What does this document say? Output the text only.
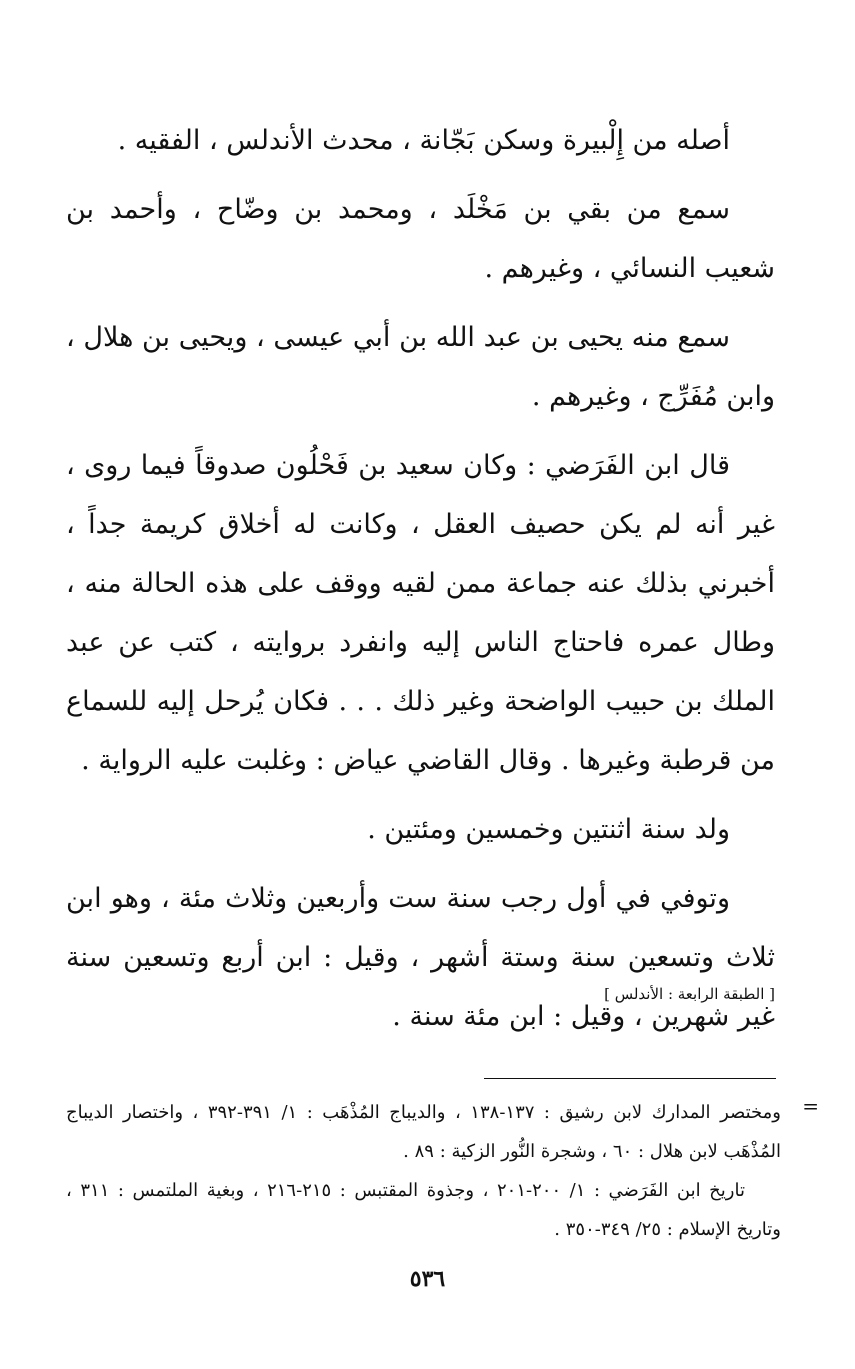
أصله من إِلْبيرة وسكن بَجّانة ، محدث الأندلس ، الفقيه .

سمع من بقي بن مَخْلَد ، ومحمد بن وضّاح ، وأحمد بن شعيب النسائي ، وغيرهم .

سمع منه يحيى بن عبد الله بن أبي عيسى ، ويحيى بن هلال ، وابن مُفَرِّج ، وغيرهم .

قال ابن الفَرَضي : وكان سعيد بن فَحْلُون صدوقاً فيما روى ، غير أنه لم يكن حصيف العقل ، وكانت له أخلاق كريمة جداً ، أخبرني بذلك عنه جماعة ممن لقيه ووقف على هذه الحالة منه ، وطال عمره فاحتاج الناس إليه وانفرد بروايته ، كتب عن عبد الملك بن حبيب الواضحة وغير ذلك . . . فكان يُرحل إليه للسماع من قرطبة وغيرها . وقال القاضي عياض : وغلبت عليه الرواية .

ولد سنة اثنتين وخمسين ومئتين .

وتوفي في أول رجب سنة ست وأربعين وثلاث مئة ، وهو ابن ثلاث وتسعين سنة وستة أشهر ، وقيل : ابن أربع وتسعين سنة غير شهرين ، وقيل : ابن مئة سنة .

[ الطبقة الرابعة : الأندلس ]
=

ومختصر المدارك لابن رشيق : ١٣٧-١٣٨ ، والديباج المُذْهَب : ١/ ٣٩١-٣٩٢ ، واختصار الديباج المُذْهَب لابن هلال : ٦٠ ، وشجرة النُّور الزكية : ٨٩ .

تاريخ ابن الفَرَضي : ١/ ٢٠٠-٢٠١ ، وجذوة المقتبس : ٢١٥-٢١٦ ، وبغية الملتمس : ٣١١ ، وتاريخ الإسلام : ٢٥/ ٣٤٩-٣٥٠ .

٥٣٦
